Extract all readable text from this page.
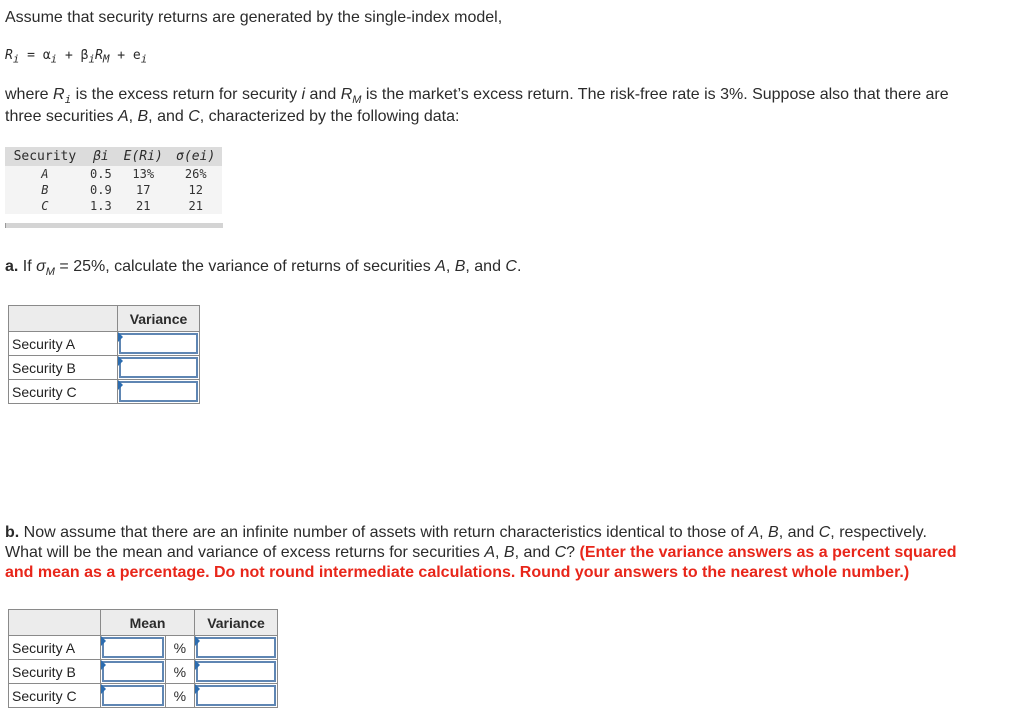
Assume that security returns are generated by the single-index model,
$R_i = \alpha_i + \beta_iR_M + e_i$
where $R_i$ is the excess return for security i and $R_M$ is the market’s excess return. The risk-free rate is 3%. Suppose also that there are
three securities A, B, and C, characterized by the following data:
Security	βi	E(Ri)	σ(ei)
A	0.5	13%	26%
B	0.9	17	12
C	1.3	21	21
a. If $\sigma_M = 25\%$, calculate the variance of returns of securities A, B, and C.
	Variance
Security A	

Security B	

Security C	
b. Now assume that there are an infinite number of assets with return characteristics identical to those of A, B, and C, respectively.
What will be the mean and variance of excess returns for securities A, B, and C? (Enter the variance answers as a percent squared
and mean as a percentage. Do not round intermediate calculations. Round your answers to the nearest whole number.)
	Mean		Variance
Security A		%	

Security B		%	

Security C		%	
